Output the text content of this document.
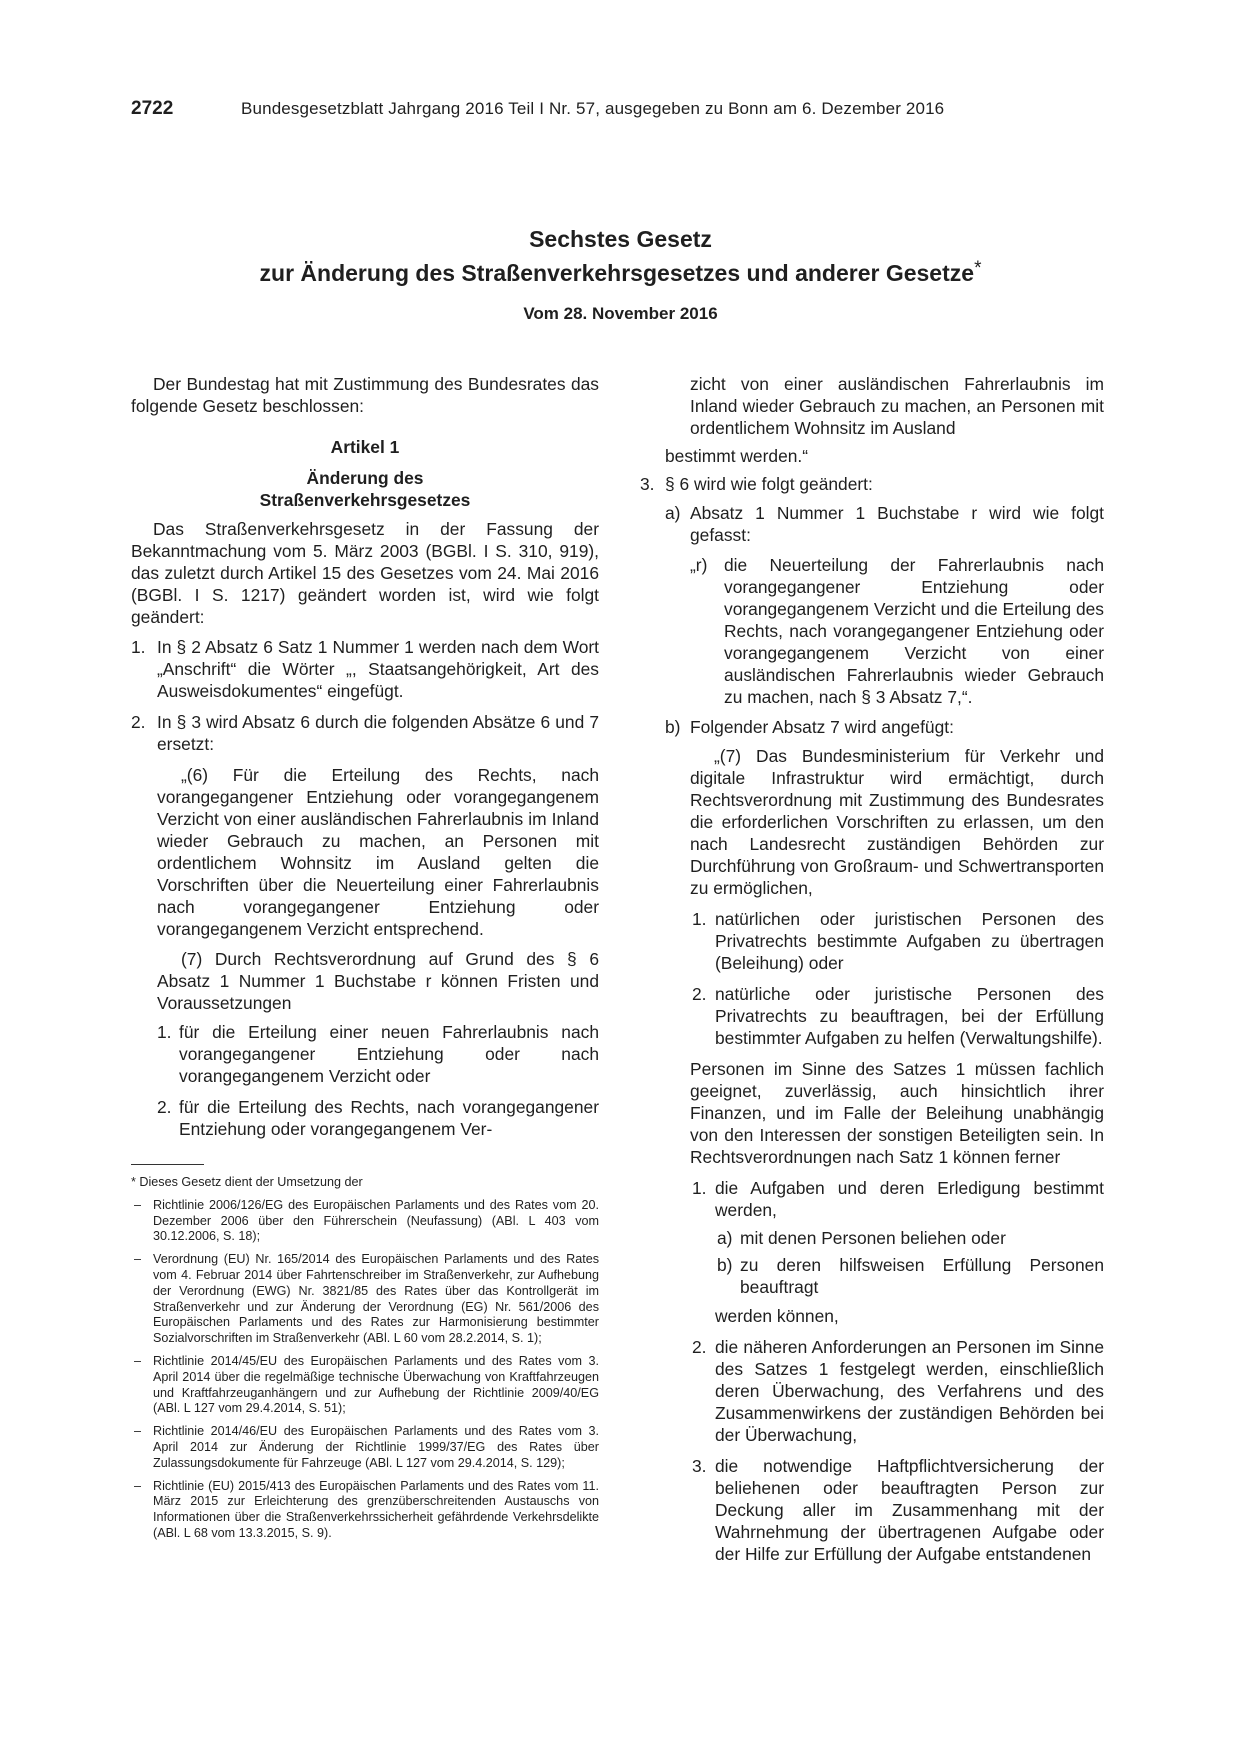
2722	Bundesgesetzblatt Jahrgang 2016 Teil I Nr. 57, ausgegeben zu Bonn am 6. Dezember 2016
Sechstes Gesetz
zur Änderung des Straßenverkehrsgesetzes und anderer Gesetze*
Vom 28. November 2016

Der Bundestag hat mit Zustimmung des Bundesrates das folgende Gesetz beschlossen:

Artikel 1

Änderung des

Straßenverkehrsgesetzes

Das Straßenverkehrsgesetz in der Fassung der Bekanntmachung vom 5. März 2003 (BGBl. I S. 310, 919), das zuletzt durch Artikel 15 des Gesetzes vom 24. Mai 2016 (BGBl. I S. 1217) geändert worden ist, wird wie folgt geändert:

1. In § 2 Absatz 6 Satz 1 Nummer 1 werden nach dem Wort „Anschrift“ die Wörter „, Staatsangehörigkeit, Art des Ausweisdokumentes“ eingefügt.
2. In § 3 wird Absatz 6 durch die folgenden Absätze 6 und 7 ersetzt:

„(6) Für die Erteilung des Rechts, nach vorangegangener Entziehung oder vorangegangenem Verzicht von einer ausländischen Fahrerlaubnis im Inland wieder Gebrauch zu machen, an Personen mit ordentlichem Wohnsitz im Ausland gelten die Vorschriften über die Neuerteilung einer Fahrerlaubnis nach vorangegangener Entziehung oder vorangegangenem Verzicht entsprechend.

(7) Durch Rechtsverordnung auf Grund des § 6 Absatz 1 Nummer 1 Buchstabe r können Fristen und Voraussetzungen

1. für die Erteilung einer neuen Fahrerlaubnis nach vorangegangener Entziehung oder nach vorangegangenem Verzicht oder
2. für die Erteilung des Rechts, nach vorangegangener Entziehung oder vorangegangenem Ver-

* Dieses Gesetz dient der Umsetzung der

– Richtlinie 2006/126/EG des Europäischen Parlaments und des Rates vom 20. Dezember 2006 über den Führerschein (Neufassung) (ABl. L 403 vom 30.12.2006, S. 18);

– Verordnung (EU) Nr. 165/2014 des Europäischen Parlaments und des Rates vom 4. Februar 2014 über Fahrtenschreiber im Straßenverkehr, zur Aufhebung der Verordnung (EWG) Nr. 3821/85 des Rates über das Kontrollgerät im Straßenverkehr und zur Änderung der Verordnung (EG) Nr. 561/2006 des Europäischen Parlaments und des Rates zur Harmonisierung bestimmter Sozialvorschriften im Straßenverkehr (ABl. L 60 vom 28.2.2014, S. 1);

– Richtlinie 2014/45/EU des Europäischen Parlaments und des Rates vom 3. April 2014 über die regelmäßige technische Überwachung von Kraftfahrzeugen und Kraftfahrzeuganhängern und zur Aufhebung der Richtlinie 2009/40/EG (ABl. L 127 vom 29.4.2014, S. 51);

– Richtlinie 2014/46/EU des Europäischen Parlaments und des Rates vom 3. April 2014 zur Änderung der Richtlinie 1999/37/EG des Rates über Zulassungsdokumente für Fahrzeuge (ABl. L 127 vom 29.4.2014, S. 129);

– Richtlinie (EU) 2015/413 des Europäischen Parlaments und des Rates vom 11. März 2015 zur Erleichterung des grenzüberschreitenden Austauschs von Informationen über die Straßenverkehrssicherheit gefährdende Verkehrsdelikte (ABl. L 68 vom 13.3.2015, S. 9).

zicht von einer ausländischen Fahrerlaubnis im Inland wieder Gebrauch zu machen, an Personen mit ordentlichem Wohnsitz im Ausland

bestimmt werden.“

3. § 6 wird wie folgt geändert:
a) Absatz 1 Nummer 1 Buchstabe r wird wie folgt gefasst:
„r) die Neuerteilung der Fahrerlaubnis nach vorangegangener Entziehung oder vorangegangenem Verzicht und die Erteilung des Rechts, nach vorangegangener Entziehung oder vorangegangenem Verzicht von einer ausländischen Fahrerlaubnis wieder Gebrauch zu machen, nach § 3 Absatz 7,“.
b) Folgender Absatz 7 wird angefügt:

„(7) Das Bundesministerium für Verkehr und digitale Infrastruktur wird ermächtigt, durch Rechtsverordnung mit Zustimmung des Bundesrates die erforderlichen Vorschriften zu erlassen, um den nach Landesrecht zuständigen Behörden zur Durchführung von Großraum- und Schwertransporten zu ermöglichen,

1. natürlichen oder juristischen Personen des Privatrechts bestimmte Aufgaben zu übertragen (Beleihung) oder
2. natürliche oder juristische Personen des Privatrechts zu beauftragen, bei der Erfüllung bestimmter Aufgaben zu helfen (Verwaltungshilfe).

Personen im Sinne des Satzes 1 müssen fachlich geeignet, zuverlässig, auch hinsichtlich ihrer Finanzen, und im Falle der Beleihung unabhängig von den Interessen der sonstigen Beteiligten sein. In Rechtsverordnungen nach Satz 1 können ferner

1. die Aufgaben und deren Erledigung bestimmt werden,
a) mit denen Personen beliehen oder
b) zu deren hilfsweisen Erfüllung Personen beauftragt

werden können,

2. die näheren Anforderungen an Personen im Sinne des Satzes 1 festgelegt werden, einschließlich deren Überwachung, des Verfahrens und des Zusammenwirkens der zuständigen Behörden bei der Überwachung,
3. die notwendige Haftpflichtversicherung der beliehenen oder beauftragten Person zur Deckung aller im Zusammenhang mit der Wahrnehmung der übertragenen Aufgabe oder der Hilfe zur Erfüllung der Aufgabe entstandenen
